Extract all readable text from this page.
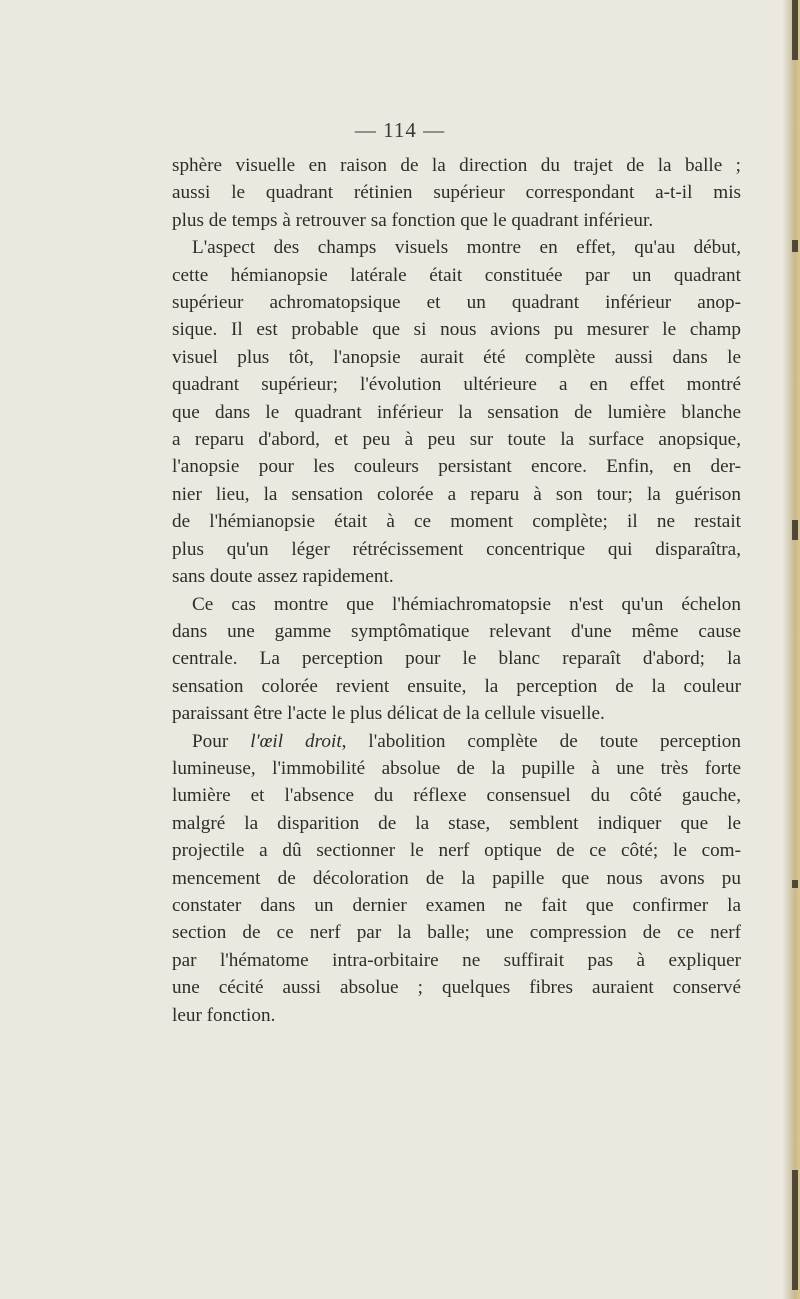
— 114 —

sphère visuelle en raison de la direction du trajet de la balle ;

aussi le quadrant rétinien supérieur correspondant a-t-il mis

plus de temps à retrouver sa fonction que le quadrant inférieur.

L'aspect des champs visuels montre en effet, qu'au début,

cette hémianopsie latérale était constituée par un quadrant

supérieur achromatopsique et un quadrant inférieur anop-

sique. Il est probable que si nous avions pu mesurer le champ

visuel plus tôt, l'anopsie aurait été complète aussi dans le

quadrant supérieur; l'évolution ultérieure a en effet montré

que dans le quadrant inférieur la sensation de lumière blanche

a reparu d'abord, et peu à peu sur toute la surface anopsique,

l'anopsie pour les couleurs persistant encore. Enfin, en der-

nier lieu, la sensation colorée a reparu à son tour; la guérison

de l'hémianopsie était à ce moment complète; il ne restait

plus qu'un léger rétrécissement concentrique qui disparaîtra,

sans doute assez rapidement.

Ce cas montre que l'hémiachromatopsie n'est qu'un échelon

dans une gamme symptômatique relevant d'une même cause

centrale. La perception pour le blanc reparaît d'abord; la

sensation colorée revient ensuite, la perception de la couleur

paraissant être l'acte le plus délicat de la cellule visuelle.

Pour l'œil droit, l'abolition complète de toute perception

lumineuse, l'immobilité absolue de la pupille à une très forte

lumière et l'absence du réflexe consensuel du côté gauche,

malgré la disparition de la stase, semblent indiquer que le

projectile a dû sectionner le nerf optique de ce côté; le com-

mencement de décoloration de la papille que nous avons pu

constater dans un dernier examen ne fait que confirmer la

section de ce nerf par la balle; une compression de ce nerf

par l'hématome intra-orbitaire ne suffirait pas à expliquer

une cécité aussi absolue ; quelques fibres auraient conservé

leur fonction.
